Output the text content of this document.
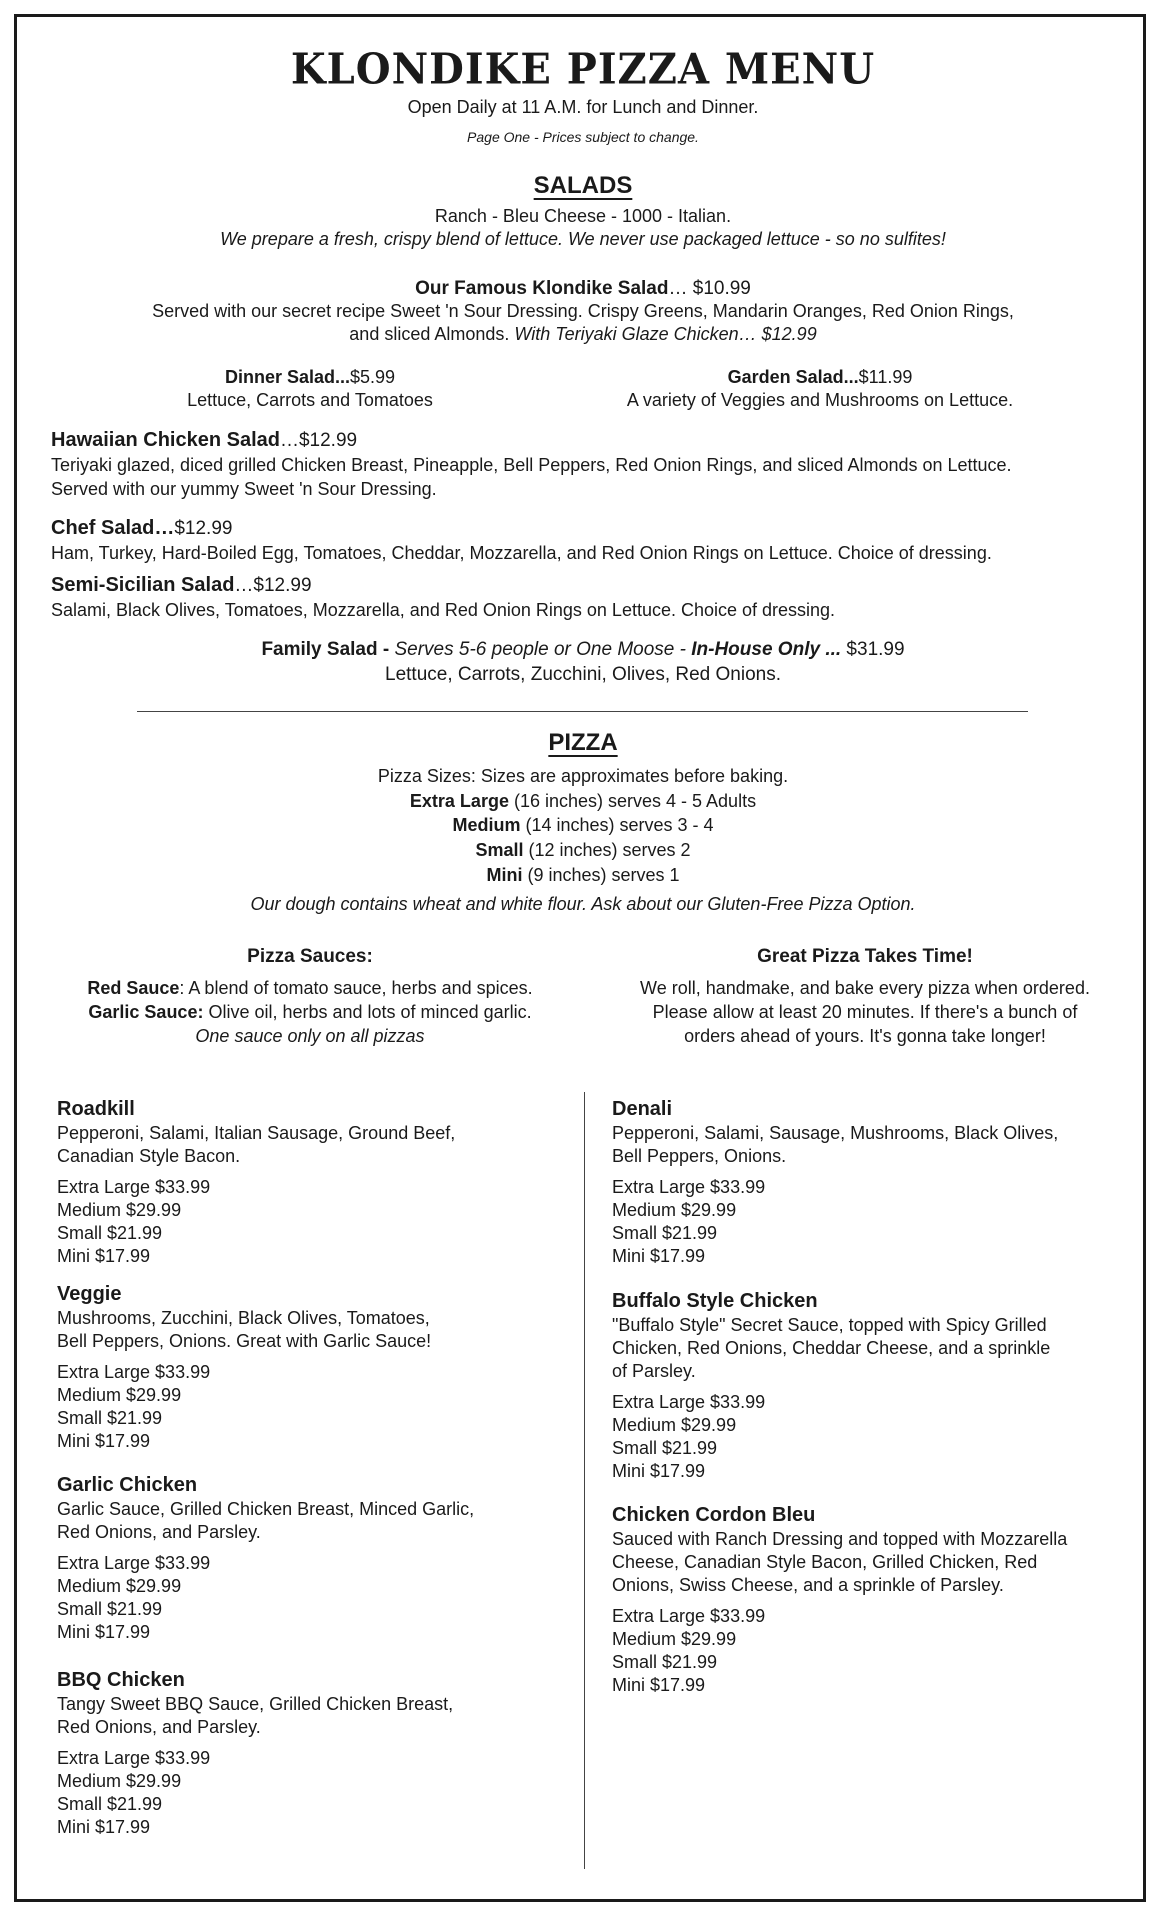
KLONDIKE PIZZA MENU
Open Daily at 11 A.M. for Lunch and Dinner.
Page One - Prices subject to change.
SALADS
Ranch - Bleu Cheese - 1000 - Italian.
We prepare a fresh, crispy blend of lettuce. We never use packaged lettuce - so no sulfites!
Our Famous Klondike Salad… $10.99
Served with our secret recipe Sweet 'n Sour Dressing. Crispy Greens, Mandarin Oranges, Red Onion Rings,
and sliced Almonds. With Teriyaki Glaze Chicken… $12.99
Dinner Salad...$5.99
Lettuce, Carrots and Tomatoes
Garden Salad...$11.99
A variety of Veggies and Mushrooms on Lettuce.
Hawaiian Chicken Salad…$12.99
Teriyaki glazed, diced grilled Chicken Breast, Pineapple, Bell Peppers, Red Onion Rings, and sliced Almonds on Lettuce.
Served with our yummy Sweet 'n Sour Dressing.
Chef Salad…$12.99
Ham, Turkey, Hard-Boiled Egg, Tomatoes, Cheddar, Mozzarella, and Red Onion Rings on Lettuce. Choice of dressing.
Semi-Sicilian Salad…$12.99
Salami, Black Olives, Tomatoes, Mozzarella, and Red Onion Rings on Lettuce. Choice of dressing.
Family Salad - Serves 5-6 people or One Moose - In-House Only ... $31.99
Lettuce, Carrots, Zucchini, Olives, Red Onions.
PIZZA
Pizza Sizes: Sizes are approximates before baking.
Extra Large (16 inches) serves 4 - 5 Adults
Medium (14 inches) serves 3 - 4
Small (12 inches) serves 2
Mini (9 inches) serves 1
Our dough contains wheat and white flour. Ask about our Gluten-Free Pizza Option.
Pizza Sauces:
Red Sauce: A blend of tomato sauce, herbs and spices.
Garlic Sauce: Olive oil, herbs and lots of minced garlic.
One sauce only on all pizzas
Great Pizza Takes Time!
We roll, handmake, and bake every pizza when ordered.
Please allow at least 20 minutes. If there's a bunch of
orders ahead of yours. It's gonna take longer!
Roadkill
Pepperoni, Salami, Italian Sausage, Ground Beef,
Canadian Style Bacon.
Extra Large $33.99
Medium $29.99
Small $21.99
Mini $17.99
Veggie
Mushrooms, Zucchini, Black Olives, Tomatoes,
Bell Peppers, Onions. Great with Garlic Sauce!
Extra Large $33.99
Medium $29.99
Small $21.99
Mini $17.99
Garlic Chicken
Garlic Sauce, Grilled Chicken Breast, Minced Garlic,
Red Onions, and Parsley.
Extra Large $33.99
Medium $29.99
Small $21.99
Mini $17.99
BBQ Chicken
Tangy Sweet BBQ Sauce, Grilled Chicken Breast,
Red Onions, and Parsley.
Extra Large $33.99
Medium $29.99
Small $21.99
Mini $17.99
Denali
Pepperoni, Salami, Sausage, Mushrooms, Black Olives,
Bell Peppers, Onions.
Extra Large $33.99
Medium $29.99
Small $21.99
Mini $17.99
Buffalo Style Chicken
"Buffalo Style" Secret Sauce, topped with Spicy Grilled
Chicken, Red Onions, Cheddar Cheese, and a sprinkle
of Parsley.
Extra Large $33.99
Medium $29.99
Small $21.99
Mini $17.99
Chicken Cordon Bleu
Sauced with Ranch Dressing and topped with Mozzarella
Cheese, Canadian Style Bacon, Grilled Chicken, Red
Onions, Swiss Cheese, and a sprinkle of Parsley.
Extra Large $33.99
Medium $29.99
Small $21.99
Mini $17.99
